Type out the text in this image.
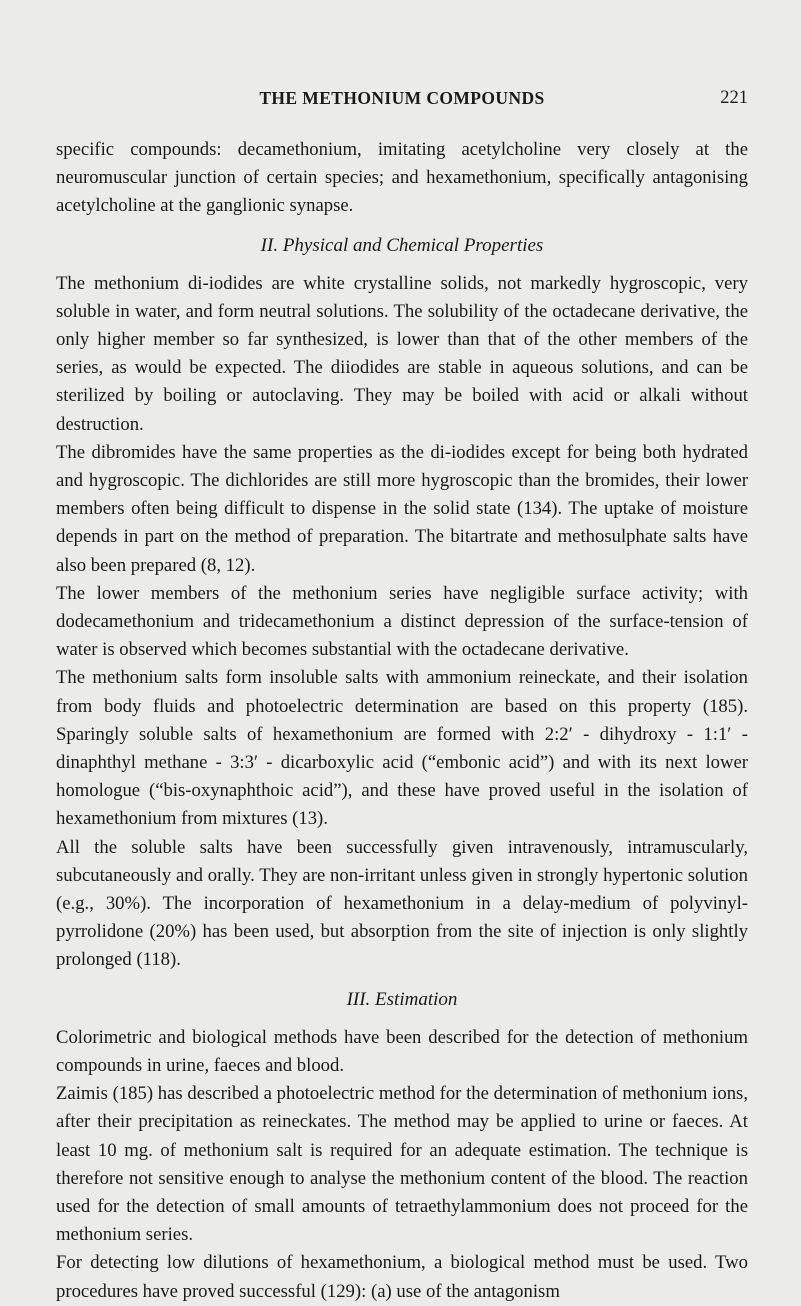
THE METHONIUM COMPOUNDS	221

specific compounds: decamethonium, imitating acetylcholine very closely at the neuromuscular junction of certain species; and hexamethonium, specifically antagonising acetylcholine at the ganglionic synapse.

II. Physical and Chemical Properties

The methonium di-iodides are white crystalline solids, not markedly hygroscopic, very soluble in water, and form neutral solutions. The solubility of the octadecane derivative, the only higher member so far synthesized, is lower than that of the other members of the series, as would be expected. The diiodides are stable in aqueous solutions, and can be sterilized by boiling or autoclaving. They may be boiled with acid or alkali without destruction.

The dibromides have the same properties as the di-iodides except for being both hydrated and hygroscopic. The dichlorides are still more hygroscopic than the bromides, their lower members often being difficult to dispense in the solid state (134). The uptake of moisture depends in part on the method of preparation. The bitartrate and methosulphate salts have also been prepared (8, 12).

The lower members of the methonium series have negligible surface activity; with dodecamethonium and tridecamethonium a distinct depression of the surface-tension of water is observed which becomes substantial with the octadecane derivative.

The methonium salts form insoluble salts with ammonium reineckate, and their isolation from body fluids and photoelectric determination are based on this property (185). Sparingly soluble salts of hexamethonium are formed with 2:2′ - dihydroxy - 1:1′ - dinaphthyl methane - 3:3′ - dicarboxylic acid (“embonic acid”) and with its next lower homologue (“bis-oxynaphthoic acid”), and these have proved useful in the isolation of hexamethonium from mixtures (13).

All the soluble salts have been successfully given intravenously, intramuscularly, subcutaneously and orally. They are non-irritant unless given in strongly hypertonic solution (e.g., 30%). The incorporation of hexamethonium in a delay-medium of polyvinyl-pyrrolidone (20%) has been used, but absorption from the site of injection is only slightly prolonged (118).

III. Estimation

Colorimetric and biological methods have been described for the detection of methonium compounds in urine, faeces and blood.

Zaimis (185) has described a photoelectric method for the determination of methonium ions, after their precipitation as reineckates. The method may be applied to urine or faeces. At least 10 mg. of methonium salt is required for an adequate estimation. The technique is therefore not sensitive enough to analyse the methonium content of the blood. The reaction used for the detection of small amounts of tetraethylammonium does not proceed for the methonium series.

For detecting low dilutions of hexamethonium, a biological method must be used. Two procedures have proved successful (129): (a) use of the antagonism
